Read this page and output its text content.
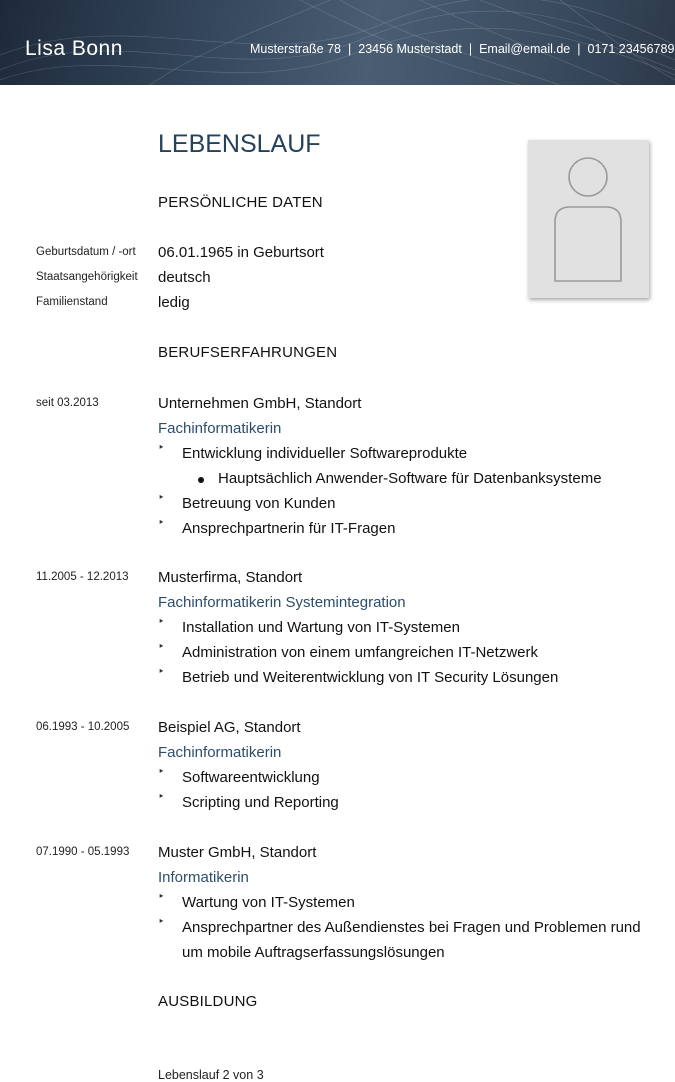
Lisa Bonn	Musterstraße 78 | 23456 Musterstadt | Email@email.de | 0171 23456789
LEBENSLAUF
PERSÖNLICHE DATEN
Geburtsdatum / -ort 06.01.1965 in Geburtsort
Staatsangehörigkeit deutsch
Familienstand	ledig
BERUFSERFAHRUNGEN
seit 03.2013	Unternehmen GmbH, Standort
Fachinformatikerin
‣ Entwicklung individueller Softwareprodukte
Hauptsächlich Anwender-Software für Datenbanksysteme
‣ Betreuung von Kunden
‣ Ansprechpartnerin für IT-Fragen
11.2005 - 12.2013 Musterfirma, Standort
Fachinformatikerin Systemintegration
‣ Installation und Wartung von IT-Systemen
‣ Administration von einem umfangreichen IT-Netzwerk
‣ Betrieb und Weiterentwicklung von IT Security Lösungen
06.1993 - 10.2005 Beispiel AG, Standort
Fachinformatikerin
‣ Softwareentwicklung
‣ Scripting und Reporting
07.1990 - 05.1993 Muster GmbH, Standort
Informatikerin
‣ Wartung von IT-Systemen
‣ Ansprechpartner des Außendienstes bei Fragen und Problemen rund um mobile Auftragserfassungslösungen
AUSBILDUNG
Lebenslauf 2 von 3
